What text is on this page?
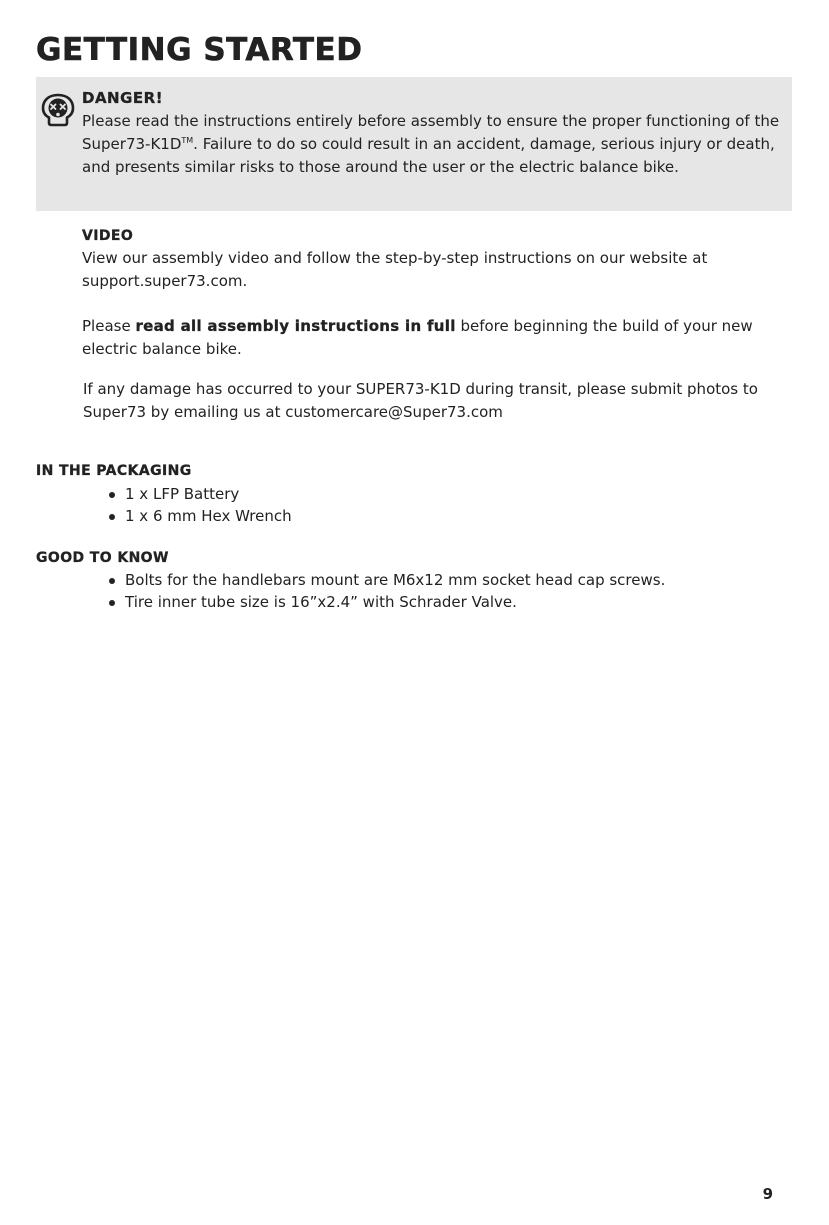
GETTING STARTED
DANGER!
Please read the instructions entirely before assembly to ensure the proper functioning of the Super73-K1D™. Failure to do so could result in an accident, damage, serious injury or death, and presents similar risks to those around the user or the electric balance bike.
VIDEO
View our assembly video and follow the step-by-step instructions on our website at support.super73.com.
Please read all assembly instructions in full before beginning the build of your new electric balance bike.
If any damage has occurred to your SUPER73-K1D during transit, please submit photos to Super73 by emailing us at customercare@Super73.com
IN THE PACKAGING
1 x LFP Battery
1 x 6 mm Hex Wrench
GOOD TO KNOW
Bolts for the handlebars mount are M6x12 mm socket head cap screws.
Tire inner tube size is 16”x2.4” with Schrader Valve.
9
